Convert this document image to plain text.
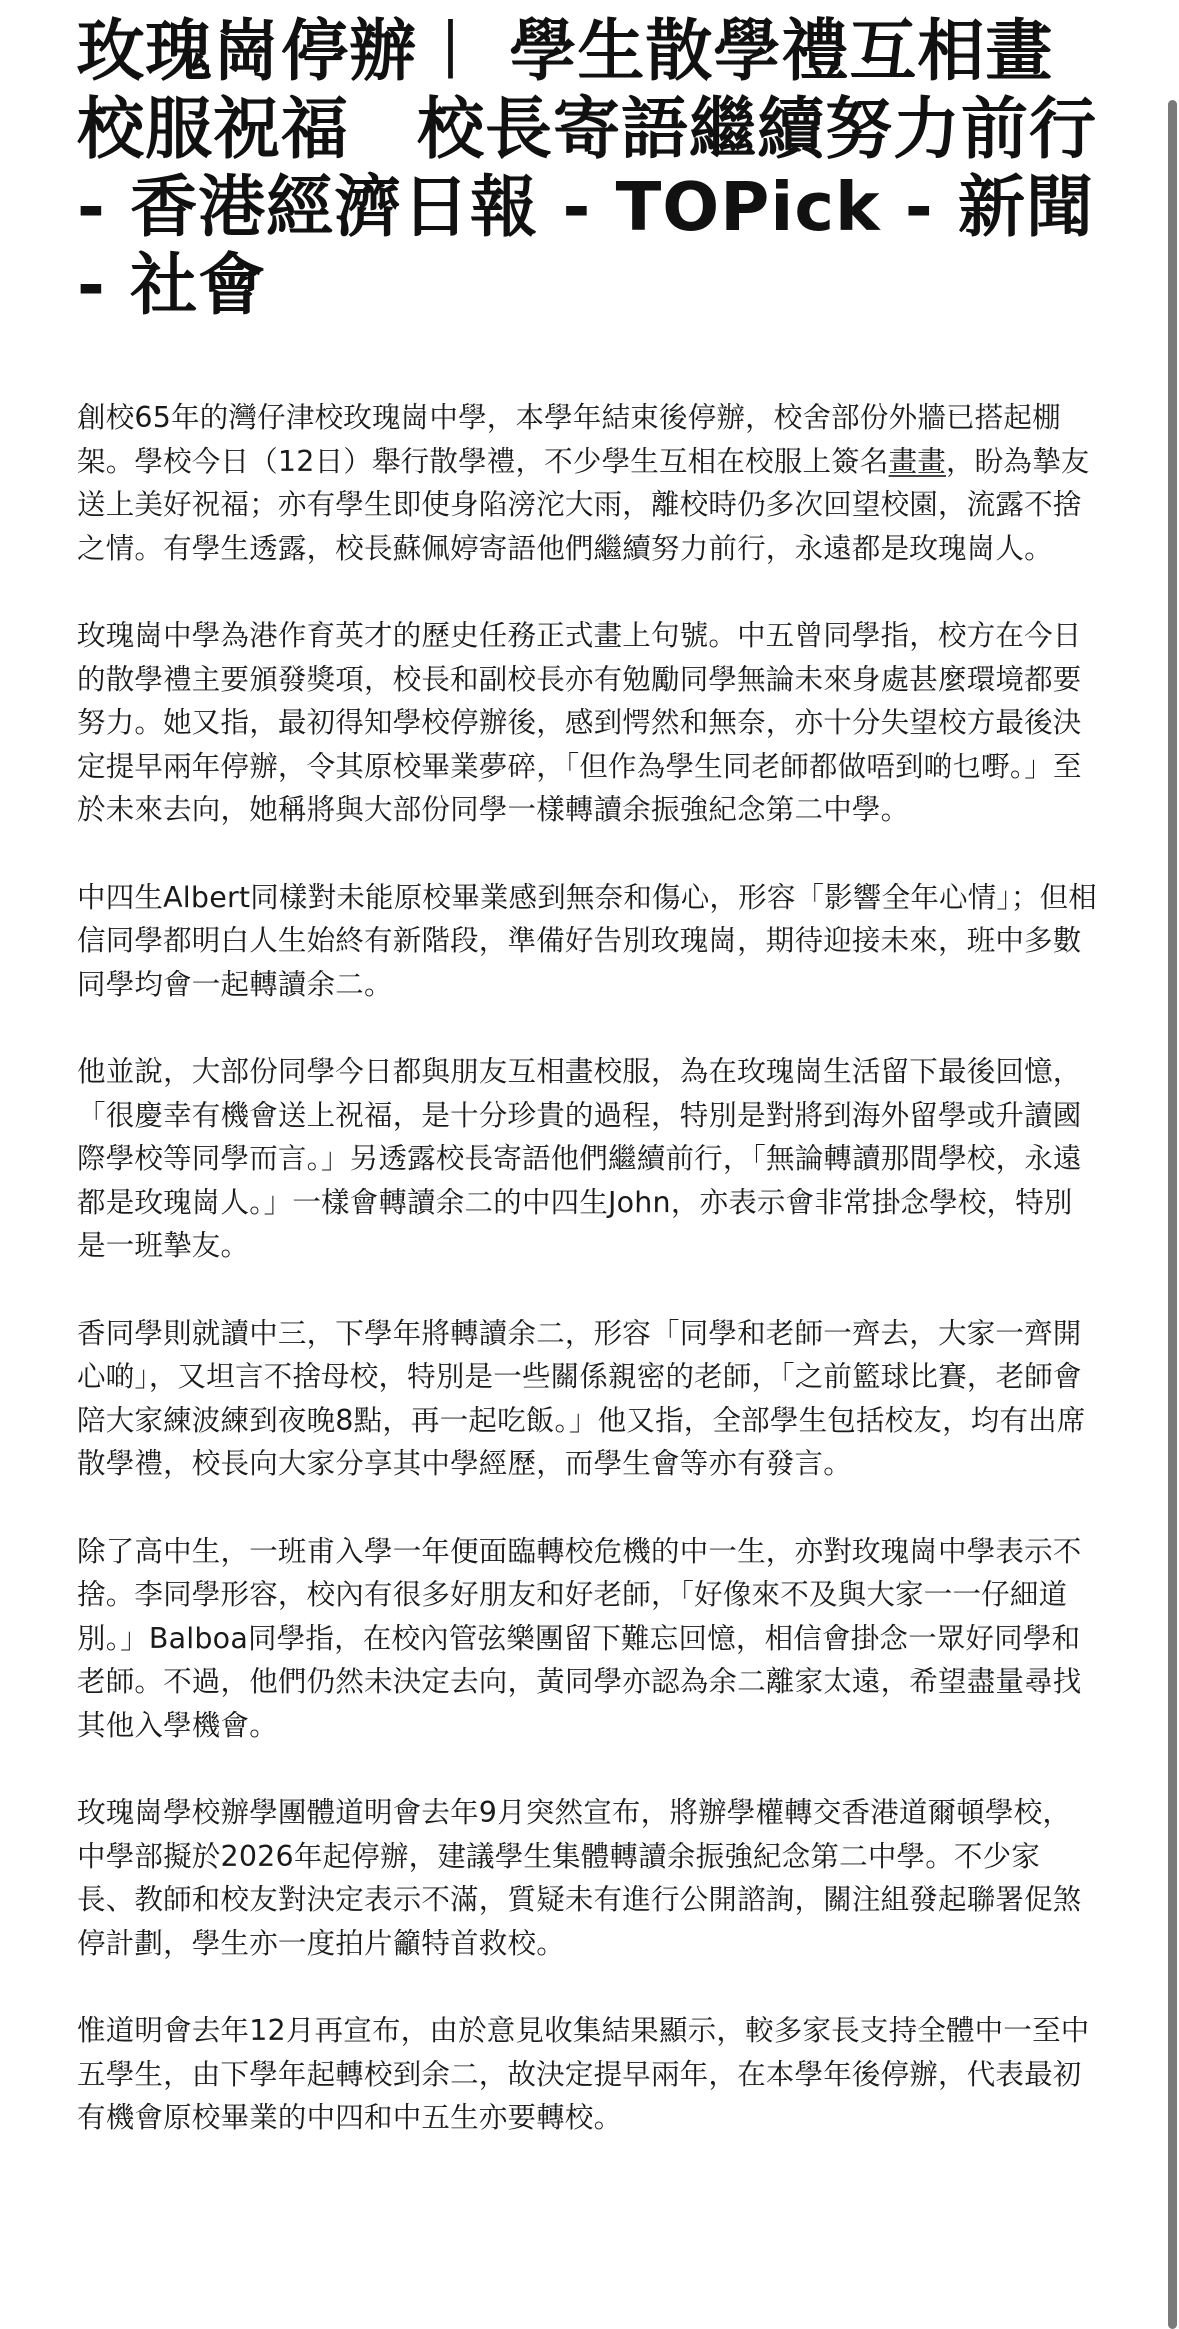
玫瑰崗停辦︱ 學生散學禮互相畫校服祝福　校長寄語繼續努力前行 - 香港經濟日報 - TOPick - 新聞 - 社會

創校65年的灣仔津校玫瑰崗中學，本學年結束後停辦，校舍部份外牆已搭起棚架。學校今日（12日）舉行散學禮，不少學生互相在校服上簽名畫畫，盼為摯友送上美好祝福；亦有學生即使身陷滂沱大雨，離校時仍多次回望校園，流露不捨之情。有學生透露，校長蘇佩婷寄語他們繼續努力前行，永遠都是玫瑰崗人。

玫瑰崗中學為港作育英才的歷史任務正式畫上句號。中五曾同學指，校方在今日的散學禮主要頒發獎項，校長和副校長亦有勉勵同學無論未來身處甚麼環境都要努力。她又指，最初得知學校停辦後，感到愕然和無奈，亦十分失望校方最後決定提早兩年停辦，令其原校畢業夢碎，「但作為學生同老師都做唔到啲乜嘢。」至於未來去向，她稱將與大部份同學一樣轉讀余振強紀念第二中學。

中四生Albert同樣對未能原校畢業感到無奈和傷心，形容「影響全年心情」；但相信同學都明白人生始終有新階段，準備好告別玫瑰崗，期待迎接未來，班中多數同學均會一起轉讀余二。

他並說，大部份同學今日都與朋友互相畫校服，為在玫瑰崗生活留下最後回憶，「很慶幸有機會送上祝福，是十分珍貴的過程，特別是對將到海外留學或升讀國際學校等同學而言。」另透露校長寄語他們繼續前行，「無論轉讀那間學校，永遠都是玫瑰崗人。」一樣會轉讀余二的中四生John，亦表示會非常掛念學校，特別是一班摯友。

香同學則就讀中三，下學年將轉讀余二，形容「同學和老師一齊去，大家一齊開心啲」，又坦言不捨母校，特別是一些關係親密的老師，「之前籃球比賽，老師會陪大家練波練到夜晚8點，再一起吃飯。」他又指，全部學生包括校友，均有出席散學禮，校長向大家分享其中學經歷，而學生會等亦有發言。

除了高中生，一班甫入學一年便面臨轉校危機的中一生，亦對玫瑰崗中學表示不捨。李同學形容，校內有很多好朋友和好老師，「好像來不及與大家一一仔細道別。」Balboa同學指，在校內管弦樂團留下難忘回憶，相信會掛念一眾好同學和老師。不過，他們仍然未決定去向，黃同學亦認為余二離家太遠，希望盡量尋找其他入學機會。

玫瑰崗學校辦學團體道明會去年9月突然宣布，將辦學權轉交香港道爾頓學校，中學部擬於2026年起停辦，建議學生集體轉讀余振強紀念第二中學。不少家長、教師和校友對決定表示不滿，質疑未有進行公開諮詢，關注組發起聯署促煞停計劃，學生亦一度拍片籲特首救校。

惟道明會去年12月再宣布，由於意見收集結果顯示，較多家長支持全體中一至中五學生，由下學年起轉校到余二，故決定提早兩年，在本學年後停辦，代表最初有機會原校畢業的中四和中五生亦要轉校。
